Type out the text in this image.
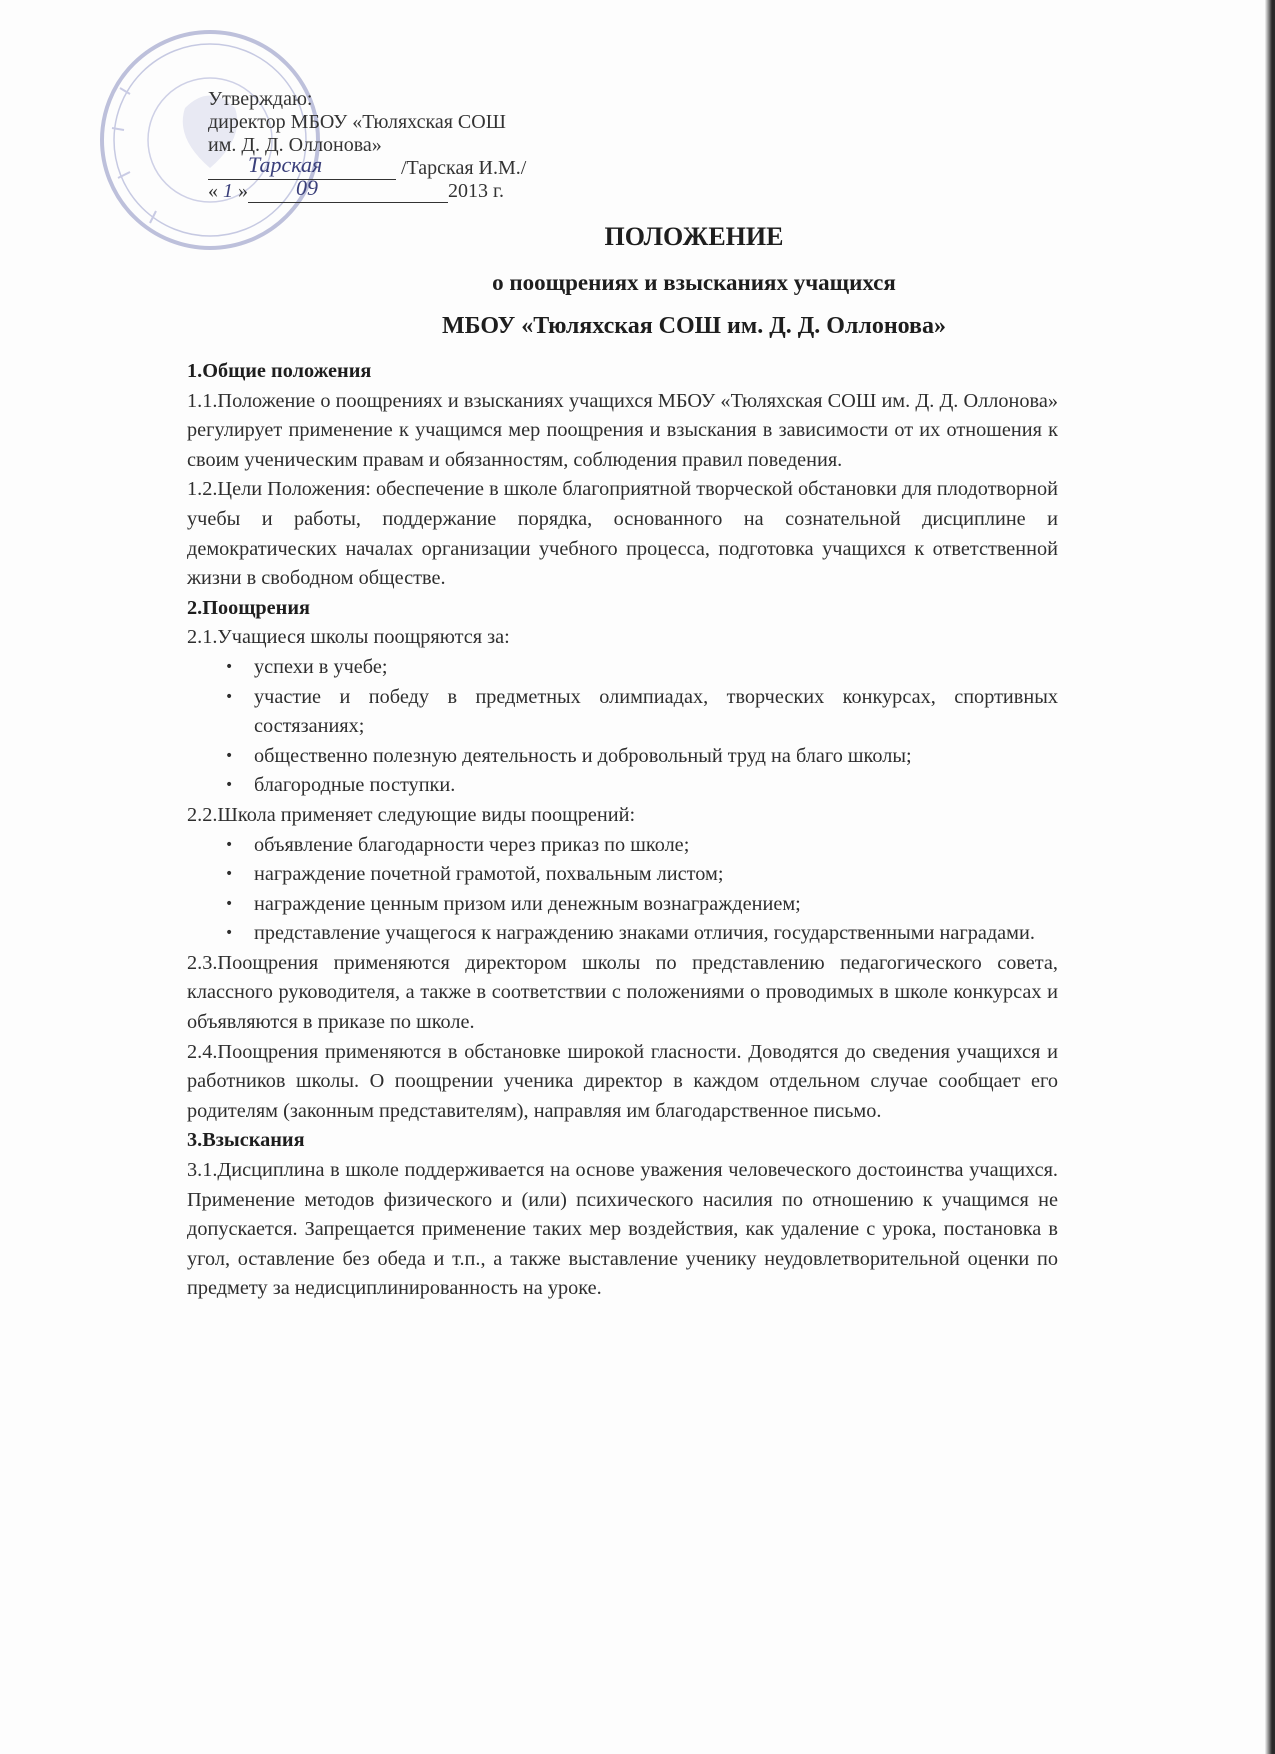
Утверждаю:
директор МБОУ «Тюляхская СОШ
им. Д. Д. Оллонова»
Тарская	/Тарская И.М./
« 1 » 09	2013 г.
ПОЛОЖЕНИЕ
о поощрениях и взысканиях учащихся
МБОУ «Тюляхская СОШ им. Д. Д. Оллонова»

1.Общие положения

1.1.Положение о поощрениях и взысканиях учащихся МБОУ «Тюляхская СОШ им. Д. Д. Оллонова» регулирует применение к учащимся мер поощрения и взыскания в зависимости от их отношения к своим ученическим правам и обязанностям, соблюдения правил поведения.

1.2.Цели Положения: обеспечение в школе благоприятной творческой обстановки для плодотворной учебы и работы, поддержание порядка, основанного на сознательной дисциплине и демократических началах организации учебного процесса, подготовка учащихся к ответственной жизни в свободном обществе.

2.Поощрения

2.1.Учащиеся школы поощряются за:

• успехи в учебе;
• участие и победу в предметных олимпиадах, творческих конкурсах, спортивных состязаниях;
• общественно полезную деятельность и добровольный труд на благо школы;
• благородные поступки.

2.2.Школа применяет следующие виды поощрений:

• объявление благодарности через приказ по школе;
• награждение почетной грамотой, похвальным листом;
• награждение ценным призом или денежным вознаграждением;
• представление учащегося к награждению знаками отличия, государственными наградами.

2.3.Поощрения применяются директором школы по представлению педагогического совета, классного руководителя, а также в соответствии с положениями о проводимых в школе конкурсах и объявляются в приказе по школе.

2.4.Поощрения применяются в обстановке широкой гласности. Доводятся до сведения учащихся и работников школы. О поощрении ученика директор в каждом отдельном случае сообщает его родителям (законным представителям), направляя им благодарственное письмо.

3.Взыскания

3.1.Дисциплина в школе поддерживается на основе уважения человеческого достоинства учащихся. Применение методов физического и (или) психического насилия по отношению к учащимся не допускается. Запрещается применение таких мер воздействия, как удаление с урока, постановка в угол, оставление без обеда и т.п., а также выставление ученику неудовлетворительной оценки по предмету за недисциплинированность на уроке.
